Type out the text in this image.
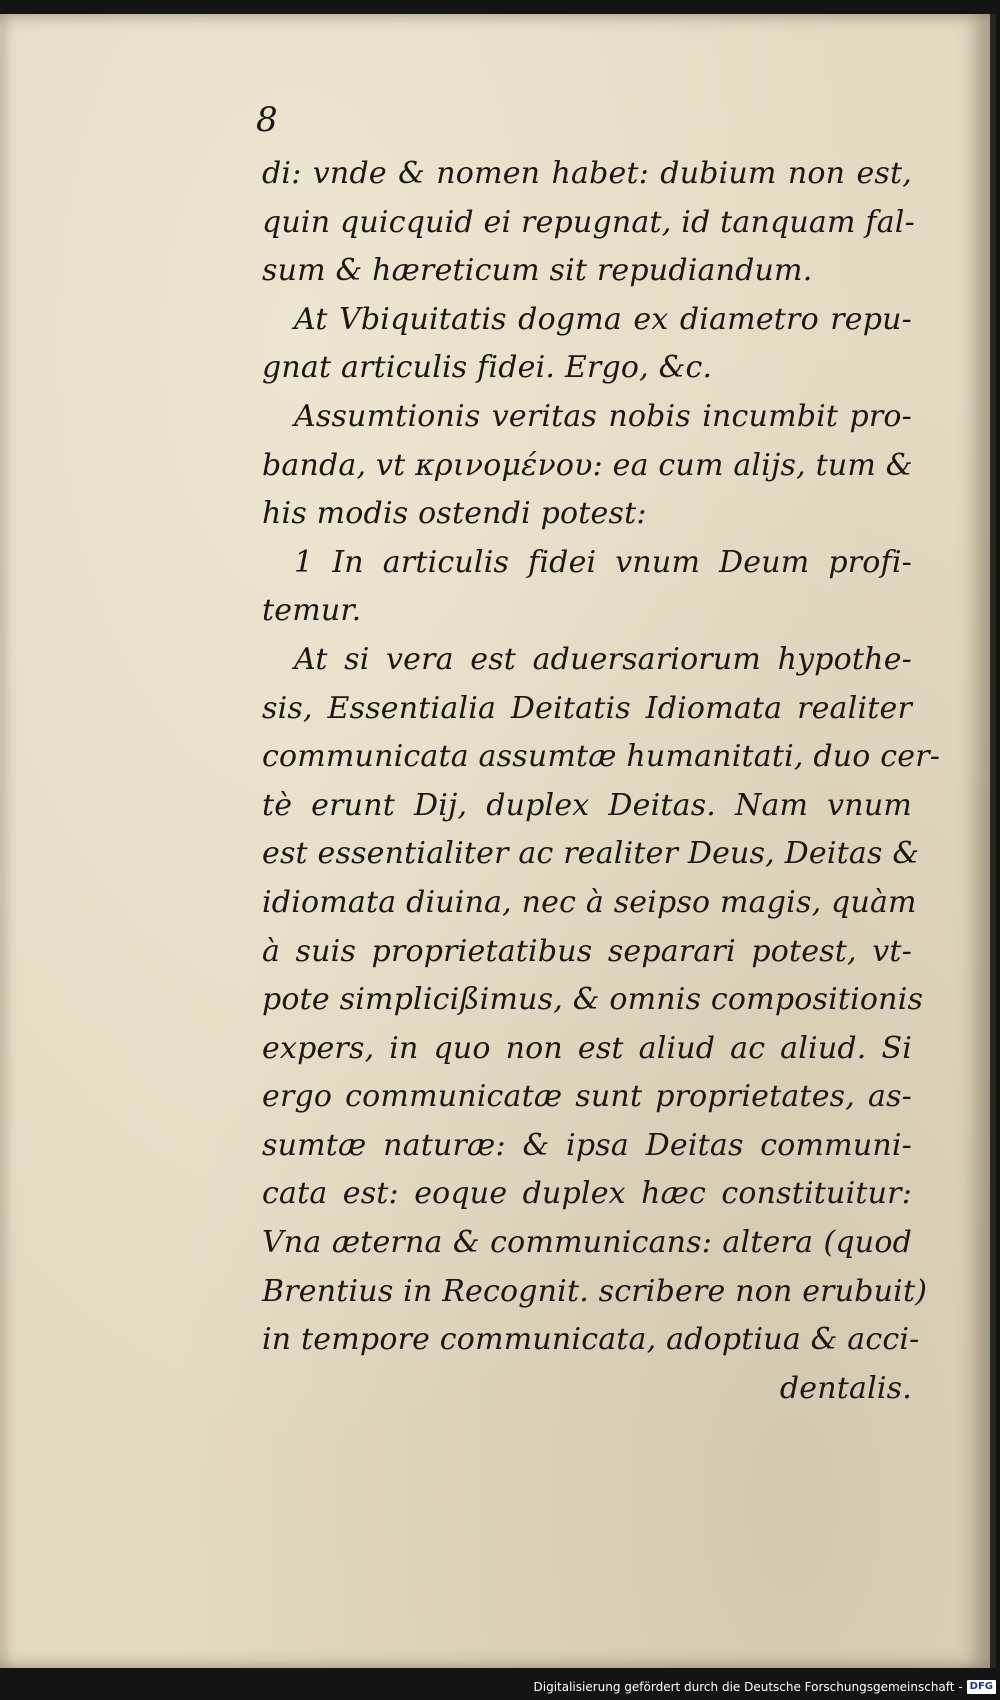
8
di: vnde & nomen habet: dubium non est,
quin quicquid ei repugnat, id tanquam fal-
sum & hæreticum sit repudiandum.
At Vbiquitatis dogma ex diametro repu-
gnat articulis fidei. Ergo, &c.
Assumtionis veritas nobis incumbit pro-
banda, vt κρινομένου: ea cum alijs, tum &
his modis ostendi potest:
1 In articulis fidei vnum Deum profi-
temur.
At si vera est aduersariorum hypothe-
sis, Essentialia Deitatis Idiomata realiter
communicata assumtæ humanitati, duo cer-
tè erunt Dij, duplex Deitas. Nam vnum
est essentialiter ac realiter Deus, Deitas &
idiomata diuina, nec à seipso magis, quàm
à suis proprietatibus separari potest, vt-
pote simplicißimus, & omnis compositionis
expers, in quo non est aliud ac aliud. Si
ergo communicatæ sunt proprietates, as-
sumtæ naturæ: & ipsa Deitas communi-
cata est: eoque duplex hæc constituitur:
Vna æterna & communicans: altera (quod
Brentius in Recognit. scribere non erubuit)
in tempore communicata, adoptiua & acci-
dentalis.
Digitalisierung gefördert durch die Deutsche Forschungsgemeinschaft - DFG
